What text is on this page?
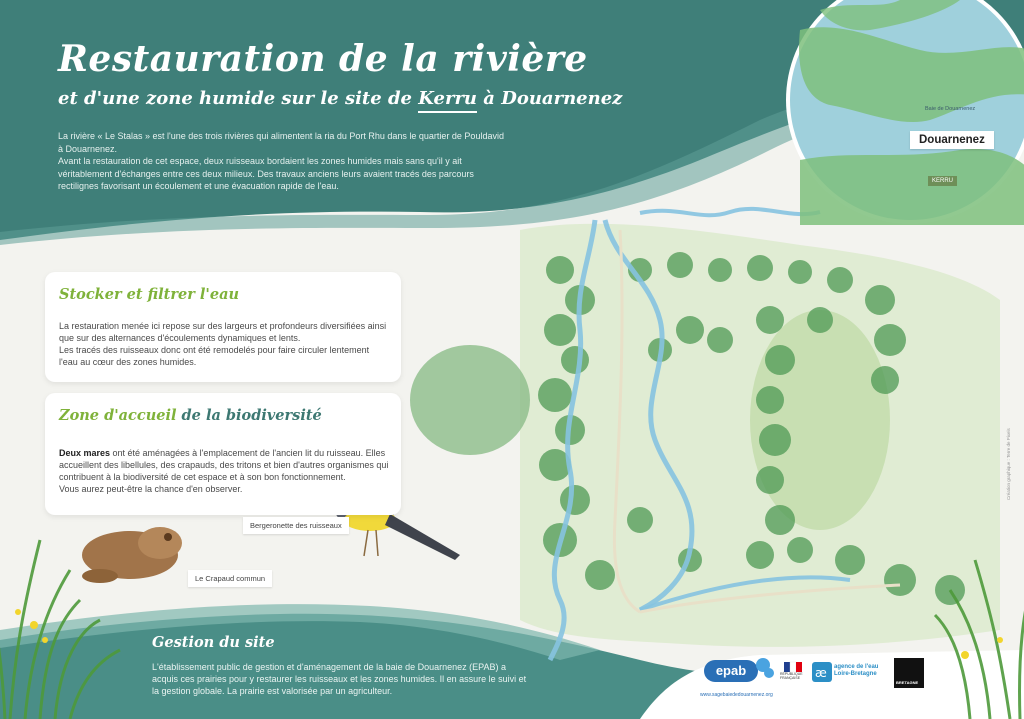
Restauration de la rivière
et d'une zone humide sur le site de Kerru à Douarnenez
La rivière « Le Stalas » est l'une des trois rivières qui alimentent la ria du Port Rhu dans le quartier de Pouldavid à Douarnenez.
Avant la restauration de cet espace, deux ruisseaux bordaient les zones humides mais sans qu'il y ait véritablement d'échanges entre ces deux milieux. Des travaux anciens leurs avaient tracés des parcours rectilignes favorisant un écoulement et une évacuation rapide de l'eau.
Stocker et filtrer l'eau
La restauration menée ici repose sur des largeurs et profondeurs diversifiées ainsi que sur des alternances d'écoulements dynamiques et lents.
Les tracés des ruisseaux donc ont été remodelés pour faire circuler lentement l'eau au cœur des zones humides.
Zone d'accueil de la biodiversité
Deux mares ont été aménagées à l'emplacement de l'ancien lit du ruisseau. Elles accueillent des libellules, des crapauds, des tritons et bien d'autres organismes qui contribuent à la biodiversité de cet espace et à son bon fonctionnement.
Vous aurez peut-être la chance d'en observer.
Bergeronette des ruisseaux
Le Crapaud commun
Gestion du site
L'établissement public de gestion et d'aménagement de la baie de Douarnenez (EPAB) a acquis ces prairies pour y restaurer les ruisseaux et les zones humides. Il en assure le suivi et la gestion globale. La prairie est valorisée par un agriculteur.
Baie de Douarnenez
Douarnenez
KERRU
Création graphique : Terre de Pixels
epab	RÉPUBLIQUE FRANÇAISE	æ agence de l'eau
Loire-Bretagne
BRETAGNE
www.sagebaiededouarnenez.org
